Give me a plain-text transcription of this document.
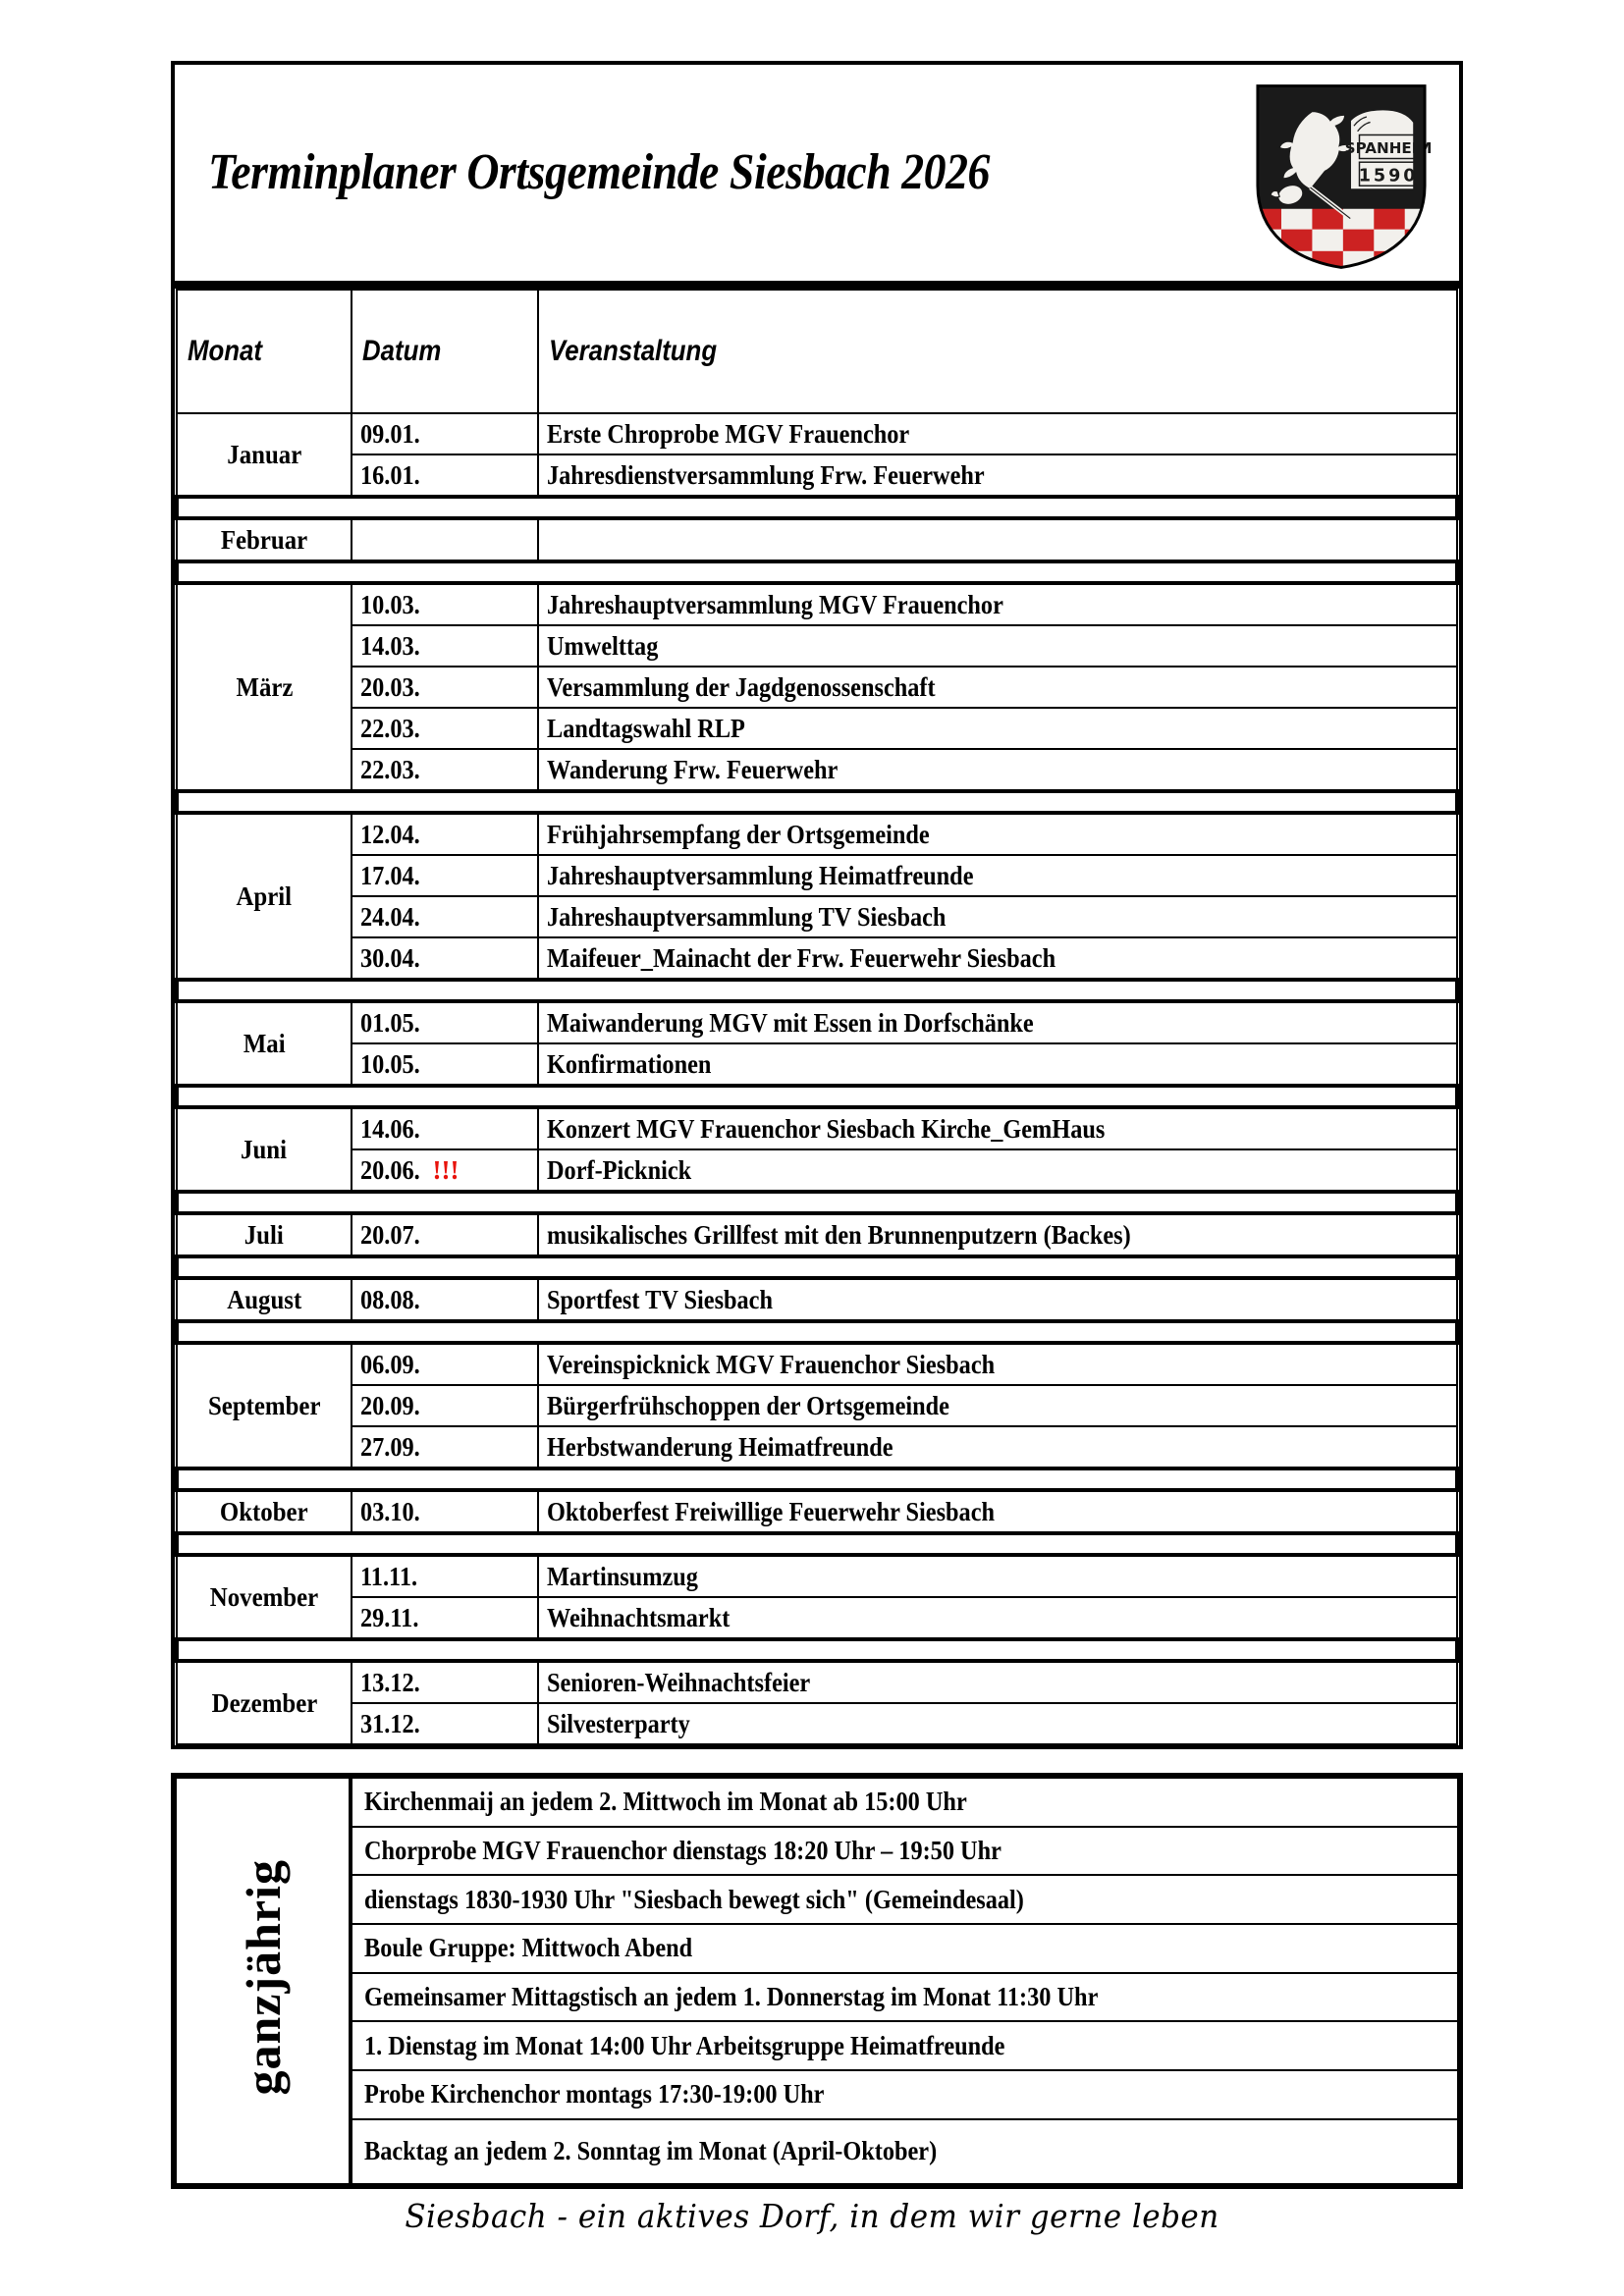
Terminplaner Ortsgemeinde Siesbach 2026	SPANHEIM
1590
Monat	Datum	Veranstaltung
Januar	09.01.	Erste Chroprobe MGV Frauenchor
	16.01.	Jahresdienstversammlung Frw. Feuerwehr

Februar		

März	10.03.	Jahreshauptversammlung MGV Frauenchor
	14.03.	Umwelttag
	20.03.	Versammlung der Jagdgenossenschaft
	22.03.	Landtagswahl RLP
	22.03.	Wanderung Frw. Feuerwehr

April	12.04.	Frühjahrsempfang der Ortsgemeinde
	17.04.	Jahreshauptversammlung Heimatfreunde
	24.04.	Jahreshauptversammlung TV Siesbach
	30.04.	Maifeuer_Mainacht der Frw. Feuerwehr Siesbach

Mai	01.05.	Maiwanderung MGV mit Essen in Dorfschänke
	10.05.	Konfirmationen

Juni	14.06.	Konzert MGV Frauenchor Siesbach Kirche_GemHaus
	20.06. !!!	Dorf-Picknick

Juli	20.07.	musikalisches Grillfest mit den Brunnenputzern (Backes)

August	08.08.	Sportfest TV Siesbach

September	06.09.	Vereinspicknick MGV Frauenchor Siesbach
	20.09.	Bürgerfrühschoppen der Ortsgemeinde
	27.09.	Herbstwanderung Heimatfreunde

Oktober	03.10.	Oktoberfest Freiwillige Feuerwehr Siesbach

November	11.11.	Martinsumzug
	29.11.	Weihnachtsmarkt

Dezember	13.12.	Senioren-Weihnachtsfeier
	31.12.	Silvesterparty
ganzjährig	Kirchenmaij an jedem 2. Mittwoch im Monat ab 15:00 Uhr
Chorprobe MGV Frauenchor dienstags 18:20 Uhr – 19:50 Uhr
dienstags 1830-1930 Uhr "Siesbach bewegt sich" (Gemeindesaal)
Boule Gruppe: Mittwoch Abend
Gemeinsamer Mittagstisch an jedem 1. Donnerstag im Monat 11:30 Uhr
1. Dienstag im Monat 14:00 Uhr Arbeitsgruppe Heimatfreunde
Probe Kirchenchor montags 17:30-19:00 Uhr
Backtag an jedem 2. Sonntag im Monat (April-Oktober)
Siesbach - ein aktives Dorf, in dem wir gerne leben
